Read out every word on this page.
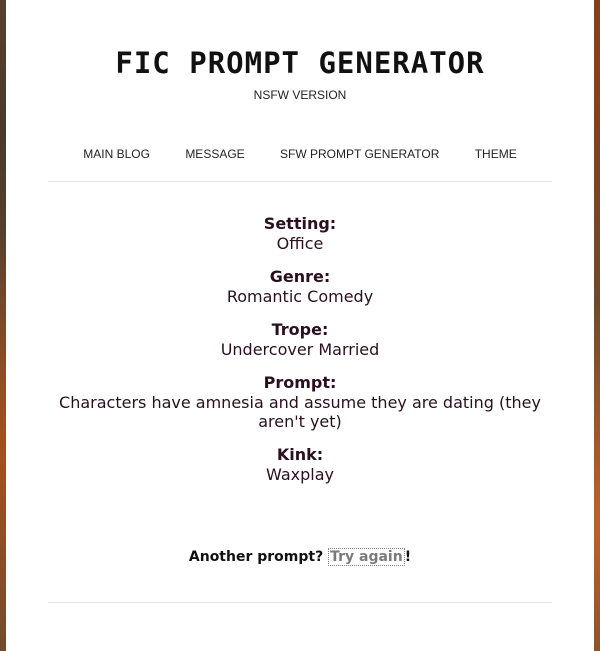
FIC PROMPT GENERATOR
NSFW VERSION
MAIN BLOG	MESSAGE	SFW PROMPT GENERATOR	THEME
Setting:
Office
Genre:
Romantic Comedy
Trope:
Undercover Married
Prompt:
Characters have amnesia and assume they are dating (they aren't yet)
Kink:
Waxplay
Another prompt? Try again !
